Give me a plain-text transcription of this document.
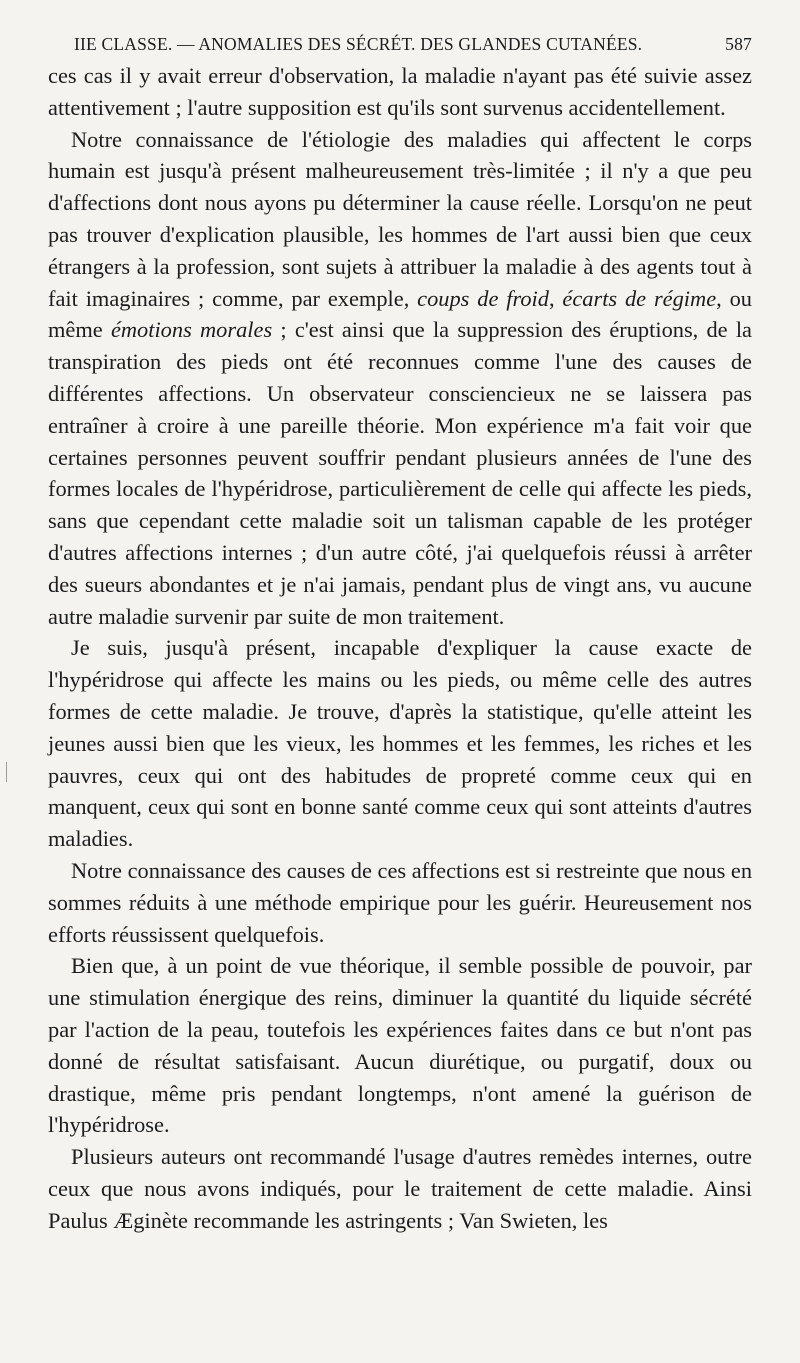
IIE CLASSE. — ANOMALIES DES SÉCRÉT. DES GLANDES CUTANÉES.	587

ces cas il y avait erreur d'observation, la maladie n'ayant pas été suivie assez attentivement ; l'autre supposition est qu'ils sont survenus accidentellement.

Notre connaissance de l'étiologie des maladies qui affectent le corps humain est jusqu'à présent malheureusement très-limitée ; il n'y a que peu d'affections dont nous ayons pu déterminer la cause réelle. Lorsqu'on ne peut pas trouver d'explication plausible, les hommes de l'art aussi bien que ceux étrangers à la profession, sont sujets à attribuer la maladie à des agents tout à fait imaginaires ; comme, par exemple, coups de froid, écarts de régime, ou même émotions morales ; c'est ainsi que la suppression des éruptions, de la transpiration des pieds ont été reconnues comme l'une des causes de différentes affections. Un observateur consciencieux ne se laissera pas entraîner à croire à une pareille théorie. Mon expérience m'a fait voir que certaines personnes peuvent souffrir pendant plusieurs années de l'une des formes locales de l'hypéridrose, particulièrement de celle qui affecte les pieds, sans que cependant cette maladie soit un talisman capable de les protéger d'autres affections internes ; d'un autre côté, j'ai quelquefois réussi à arrêter des sueurs abondantes et je n'ai jamais, pendant plus de vingt ans, vu aucune autre maladie survenir par suite de mon traitement.

Je suis, jusqu'à présent, incapable d'expliquer la cause exacte de l'hypéridrose qui affecte les mains ou les pieds, ou même celle des autres formes de cette maladie. Je trouve, d'après la statistique, qu'elle atteint les jeunes aussi bien que les vieux, les hommes et les femmes, les riches et les pauvres, ceux qui ont des habitudes de propreté comme ceux qui en manquent, ceux qui sont en bonne santé comme ceux qui sont atteints d'autres maladies.

Notre connaissance des causes de ces affections est si restreinte que nous en sommes réduits à une méthode empirique pour les guérir. Heureusement nos efforts réussissent quelquefois.

Bien que, à un point de vue théorique, il semble possible de pouvoir, par une stimulation énergique des reins, diminuer la quantité du liquide sécrété par l'action de la peau, toutefois les expériences faites dans ce but n'ont pas donné de résultat satisfaisant. Aucun diurétique, ou purgatif, doux ou drastique, même pris pendant longtemps, n'ont amené la guérison de l'hypéridrose.

Plusieurs auteurs ont recommandé l'usage d'autres remèdes internes, outre ceux que nous avons indiqués, pour le traitement de cette maladie. Ainsi Paulus Æginète recommande les astringents ; Van Swieten, les
